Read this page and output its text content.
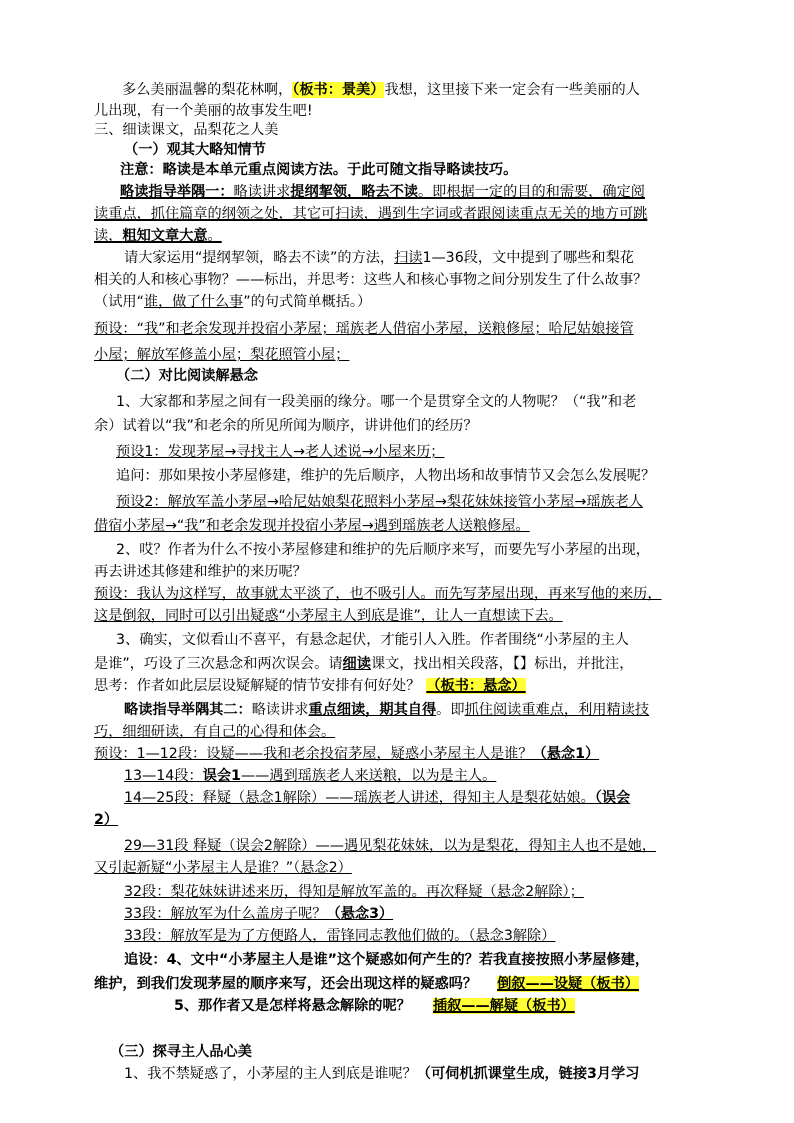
多么美丽温馨的梨花林啊，（板书：景美）我想，这里接下来一定会有一些美丽的人
儿出现，有一个美丽的故事发生吧!
三、细读课文，品梨花之人美
（一）观其大略知情节
注意：略读是本单元重点阅读方法。于此可随文指导略读技巧。
略读指导举隅一：略读讲求提纲挈领，略去不读。即根据一定的目的和需要，确定阅
读重点，抓住篇章的纲领之处，其它可扫读，遇到生字词或者跟阅读重点无关的地方可跳
读，粗知文章大意。
请大家运用“提纲挈领，略去不读”的方法，扫读1—36段，文中提到了哪些和梨花
相关的人和核心事物？——标出，并思考：这些人和核心事物之间分别发生了什么故事？
（试用“谁，做了什么事”的句式简单概括。）
预设：“我”和老余发现并投宿小茅屋；瑶族老人借宿小茅屋，送粮修屋；哈尼姑娘接管
小屋；解放军修盖小屋；梨花照管小屋；
（二）对比阅读解悬念
1、大家都和茅屋之间有一段美丽的缘分。哪一个是贯穿全文的人物呢？（“我”和老
余）试着以“我”和老余的所见所闻为顺序，讲讲他们的经历？
预设1：发现茅屋→寻找主人→老人述说→小屋来历；
追问：那如果按小茅屋修建，维护的先后顺序，人物出场和故事情节又会怎么发展呢？
预设2：解放军盖小茅屋→哈尼姑娘梨花照料小茅屋→梨花妹妹接管小茅屋→瑶族老人
借宿小茅屋→“我”和老余发现并投宿小茅屋→遇到瑶族老人送粮修屋。
2、哎？作者为什么不按小茅屋修建和维护的先后顺序来写，而要先写小茅屋的出现，
再去讲述其修建和维护的来历呢？
预设：我认为这样写，故事就太平淡了，也不吸引人。而先写茅屋出现，再来写他的来历，
这是倒叙，同时可以引出疑惑“小茅屋主人到底是谁”，让人一直想读下去。
3、确实，文似看山不喜平，有悬念起伏，才能引人入胜。作者围绕“小茅屋的主人
是谁”，巧设了三次悬念和两次误会。请细读课文，找出相关段落，【】标出，并批注，
思考：作者如此层层设疑解疑的情节安排有何好处？ （板书：悬念）
略读指导举隅其二：略读讲求重点细读，期其自得。即抓住阅读重难点，利用精读技
巧，细细研读，有自己的心得和体会。
预设：1—12段：设疑——我和老余投宿茅屋，疑惑小茅屋主人是谁？（悬念1）
13—14段：误会1——遇到瑶族老人来送粮，以为是主人。
14—25段：释疑（悬念1解除）——瑶族老人讲述，得知主人是梨花姑娘。（误会
2）
29—31段 释疑（误会2解除）——遇见梨花妹妹，以为是梨花，得知主人也不是她，
又引起新疑“小茅屋主人是谁？”（悬念2）
32段：梨花妹妹讲述来历，得知是解放军盖的。再次释疑（悬念2解除）；
33段：解放军为什么盖房子呢？（悬念3）
33段：解放军是为了方便路人，雷锋同志教他们做的。（悬念3解除）
追设：4、文中“小茅屋主人是谁”这个疑惑如何产生的？若我直接按照小茅屋修建，
维护，到我们发现茅屋的顺序来写，还会出现这样的疑惑吗？ 倒叙——设疑（板书）
5、那作者又是怎样将悬念解除的呢？ 插叙——解疑（板书）
（三）探寻主人品心美
1、我不禁疑惑了，小茅屋的主人到底是谁呢？（可伺机抓课堂生成，链接3月学习
